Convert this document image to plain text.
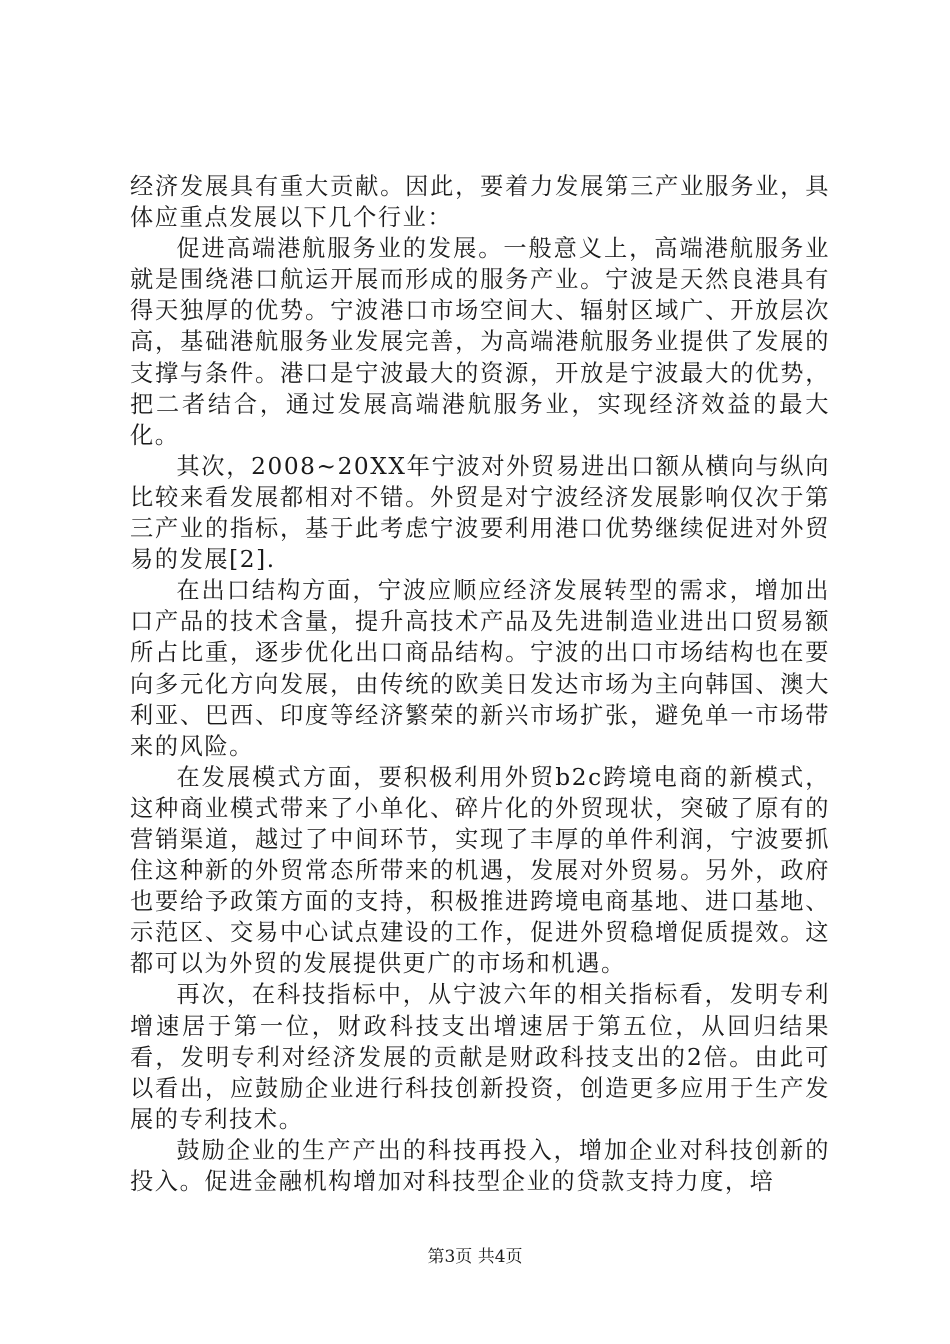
经济发展具有重大贡献。因此，要着力发展第三产业服务业，具体应重点发展以下几个行业：

促进高端港航服务业的发展。一般意义上，高端港航服务业就是围绕港口航运开展而形成的服务产业。宁波是天然良港具有得天独厚的优势。宁波港口市场空间大、辐射区域广、开放层次高，基础港航服务业发展完善，为高端港航服务业提供了发展的支撑与条件。港口是宁波最大的资源，开放是宁波最大的优势，把二者结合，通过发展高端港航服务业，实现经济效益的最大化。

其次，2008~20XX年宁波对外贸易进出口额从横向与纵向比较来看发展都相对不错。外贸是对宁波经济发展影响仅次于第三产业的指标，基于此考虑宁波要利用港口优势继续促进对外贸易的发展[2].

在出口结构方面，宁波应顺应经济发展转型的需求，增加出口产品的技术含量，提升高技术产品及先进制造业进出口贸易额所占比重，逐步优化出口商品结构。宁波的出口市场结构也在要向多元化方向发展，由传统的欧美日发达市场为主向韩国、澳大利亚、巴西、印度等经济繁荣的新兴市场扩张，避免单一市场带来的风险。

在发展模式方面，要积极利用外贸b2c跨境电商的新模式，这种商业模式带来了小单化、碎片化的外贸现状，突破了原有的营销渠道，越过了中间环节，实现了丰厚的单件利润，宁波要抓住这种新的外贸常态所带来的机遇，发展对外贸易。另外，政府也要给予政策方面的支持，积极推进跨境电商基地、进口基地、示范区、交易中心试点建设的工作，促进外贸稳增促质提效。这都可以为外贸的发展提供更广的市场和机遇。

再次，在科技指标中，从宁波六年的相关指标看，发明专利增速居于第一位，财政科技支出增速居于第五位，从回归结果看，发明专利对经济发展的贡献是财政科技支出的2倍。由此可以看出，应鼓励企业进行科技创新投资，创造更多应用于生产发展的专利技术。

鼓励企业的生产产出的科技再投入，增加企业对科技创新的投入。促进金融机构增加对科技型企业的贷款支持力度，培

第3页 共4页
